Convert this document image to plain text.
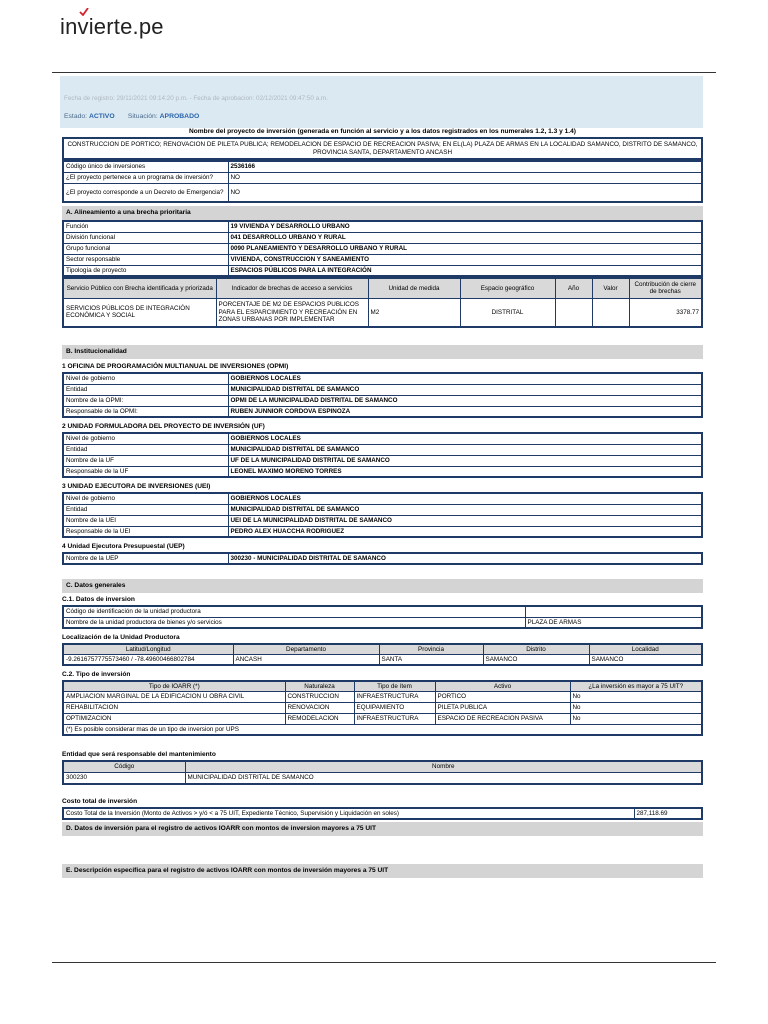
invierte.pe
Fecha de registro: 29/11/2021 09:14:20 p.m. - Fecha de aprobacion: 02/12/2021 09:47:50 a.m.
Estado: ACTIVO Situación: APROBADO
Nombre del proyecto de inversión (generada en función al servicio y a los datos registrados en los numerales 1.2, 1.3 y 1.4)
CONSTRUCCION DE PORTICO; RENOVACION DE PILETA PUBLICA; REMODELACION DE ESPACIO DE RECREACION PASIVA; EN EL(LA) PLAZA DE ARMAS EN LA LOCALIDAD SAMANCO, DISTRITO DE SAMANCO, PROVINCIA SANTA, DEPARTAMENTO ANCASH
Código único de inversiones	2536166
¿El proyecto pertenece a un programa de inversión?	NO
¿El proyecto corresponde a un Decreto de Emergencia?	NO
A. Alineamiento a una brecha prioritaria
Función	19 VIVIENDA Y DESARROLLO URBANO
División funcional	041 DESARROLLO URBANO Y RURAL
Grupo funcional	0090 PLANEAMIENTO Y DESARROLLO URBANO Y RURAL
Sector responsable	VIVIENDA, CONSTRUCCION Y SANEAMIENTO
Tipología de proyecto	ESPACIOS PÚBLICOS PARA LA INTEGRACIÓN
Servicio Público con Brecha identificada y priorizada	Indicador de brechas de acceso a servicios	Unidad de medida	Espacio geográfico	Año	Valor	Contribución de cierre de brechas
SERVICIOS PÚBLICOS DE INTEGRACIÓN ECONÓMICA Y SOCIAL	PORCENTAJE DE M2 DE ESPACIOS PUBLICOS PARA EL ESPARCIMIENTO Y RECREACIÓN EN ZONAS URBANAS POR IMPLEMENTAR	M2	DISTRITAL			3378.77
B. Institucionalidad
1 OFICINA DE PROGRAMACIÓN MULTIANUAL DE INVERSIONES (OPMI)
Nivel de gobierno	GOBIERNOS LOCALES
Entidad	MUNICIPALIDAD DISTRITAL DE SAMANCO
Nombre de la OPMI:	OPMI DE LA MUNICIPALIDAD DISTRITAL DE SAMANCO
Responsable de la OPMI:	RUBEN JUNNIOR CORDOVA ESPINOZA
2 UNIDAD FORMULADORA DEL PROYECTO DE INVERSIÓN (UF)
Nivel de gobierno	GOBIERNOS LOCALES
Entidad	MUNICIPALIDAD DISTRITAL DE SAMANCO
Nombre de la UF	UF DE LA MUNICIPALIDAD DISTRITAL DE SAMANCO
Responsable de la UF	LEONEL MAXIMO MORENO TORRES
3 UNIDAD EJECUTORA DE INVERSIONES (UEI)
Nivel de gobierno	GOBIERNOS LOCALES
Entidad	MUNICIPALIDAD DISTRITAL DE SAMANCO
Nombre de la UEI	UEI DE LA MUNICIPALIDAD DISTRITAL DE SAMANCO
Responsable de la UEI	PEDRO ALEX HUACCHA RODRIGUEZ
4 Unidad Ejecutora Presupuestal (UEP)
Nombre de la UEP	300230 - MUNICIPALIDAD DISTRITAL DE SAMANCO
C. Datos generales
C.1. Datos de inversion
Código de identificación de la unidad productora	
Nombre de la unidad productora de bienes y/o servicios	PLAZA DE ARMAS
Localización de la Unidad Productora
Latitud/Longitud	Departamento	Provincia	Distrito	Localidad
-9.2616757775573460 / -78.49600466802784	ANCASH	SANTA	SAMANCO	SAMANCO
C.2. Tipo de inversión
Tipo de IOARR (*)	Naturaleza	Tipo de ítem	Activo	¿La inversión es mayor a 75 UIT?
AMPLIACION MARGINAL DE LA EDIFICACION U OBRA CIVIL	CONSTRUCCION	INFRAESTRUCTURA	PORTICO	No
REHABILITACION	RENOVACION	EQUIPAMIENTO	PILETA PUBLICA	No
OPTIMIZACION	REMODELACION	INFRAESTRUCTURA	ESPACIO DE RECREACION PASIVA	No
(*) Es posible considerar mas de un tipo de inversion por UPS				
Entidad que será responsable del mantenimiento
Código	Nombre
300230	MUNICIPALIDAD DISTRITAL DE SAMANCO
Costo total de inversión
Costo Total de la Inversión (Monto de Activos > y/ó < a 75 UIT, Expediente Técnico, Supervisión y Liquidación en soles)	287,118.69
D. Datos de inversión para el registro de activos IOARR con montos de inversion mayores a 75 UIT
E. Descripción específica para el registro de activos IOARR con montos de inversión mayores a 75 UIT
